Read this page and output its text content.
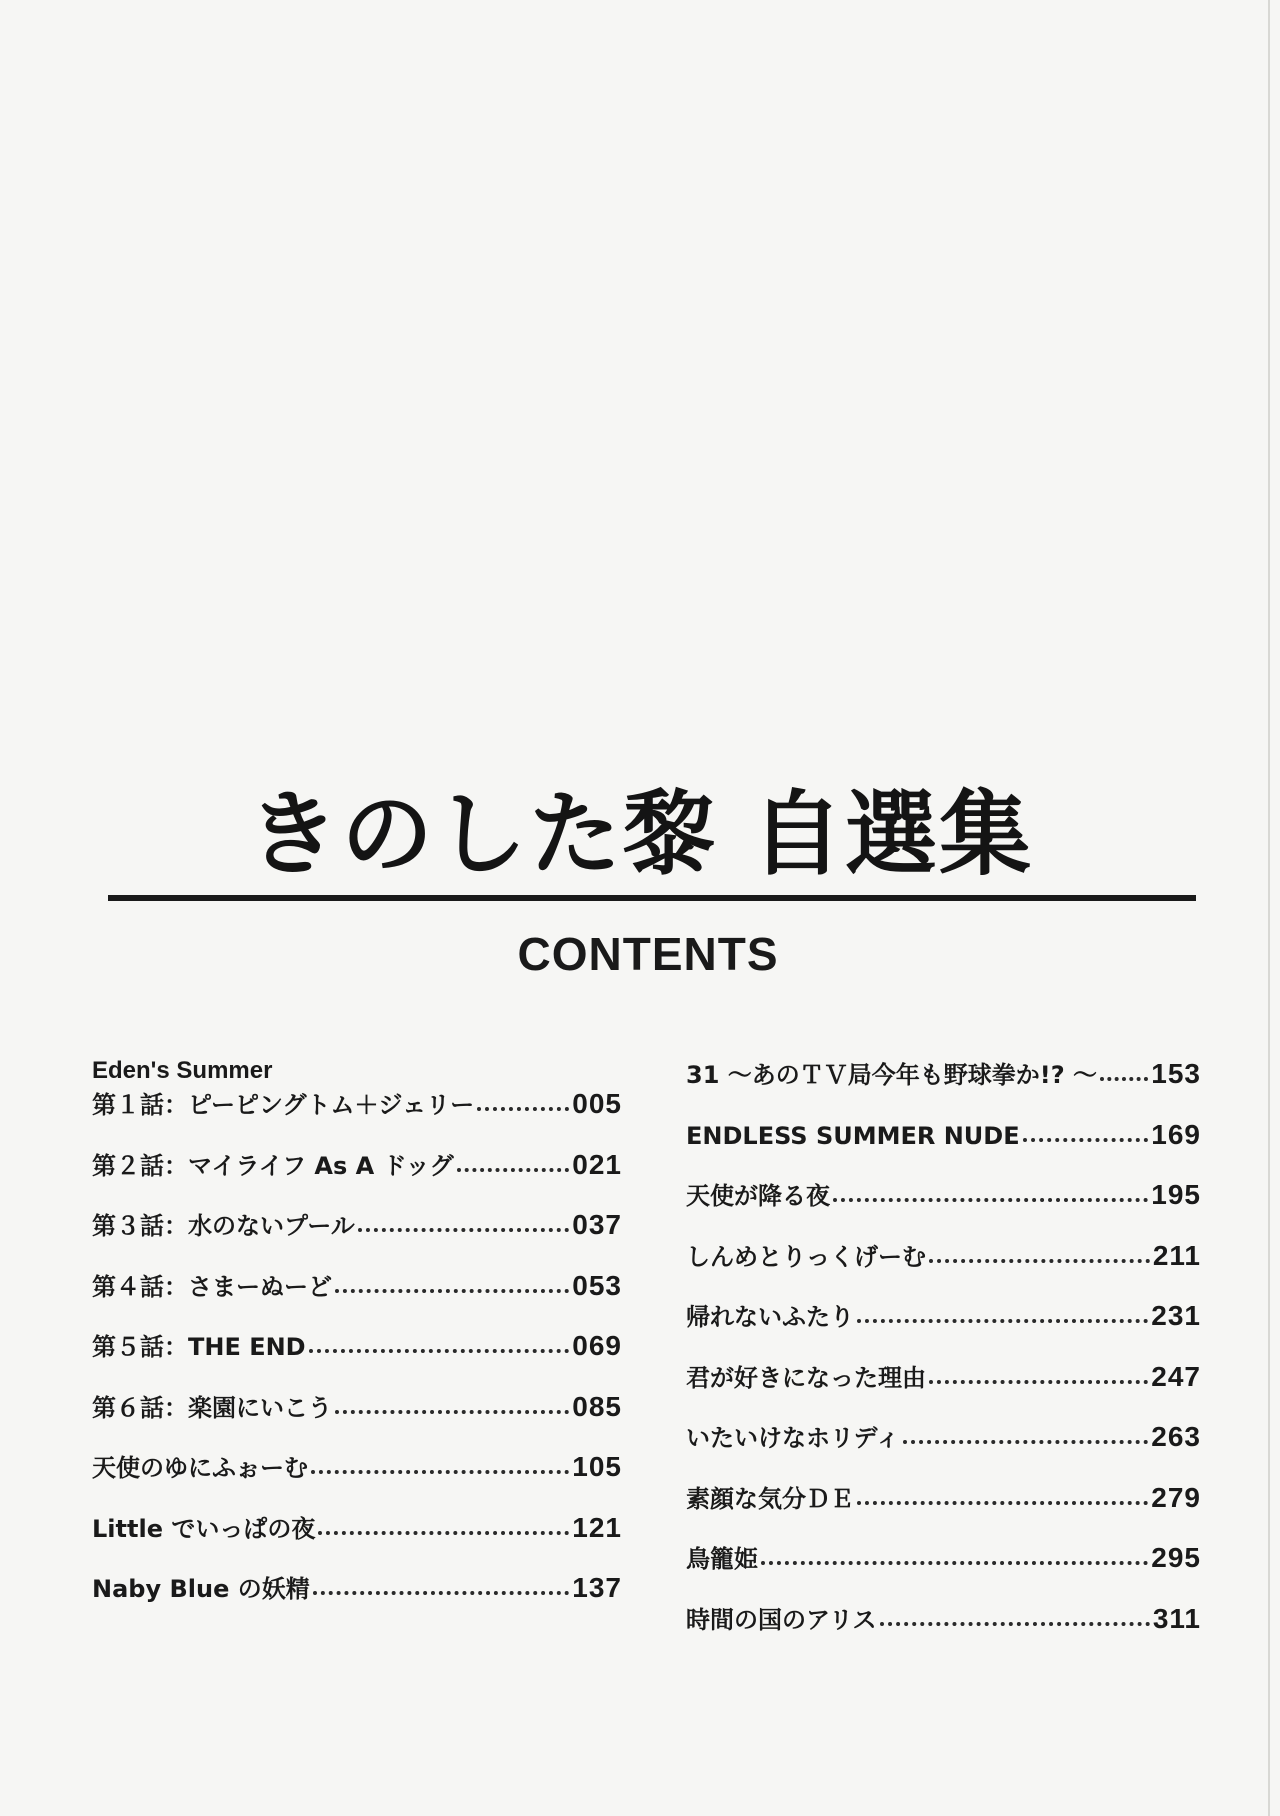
きのした黎 自選集
CONTENTS
Eden's Summer
第１話：ピーピングトム＋ジェリー	005
第２話：マイライフ As A ドッグ	021
第３話：水のないプール	037
第４話：さまーぬーど	053
第５話：THE END	069
第６話：楽園にいこう	085
天使のゆにふぉーむ	105
Little でいっぱの夜	121
Naby Blue の妖精	137
31 ～あのＴＶ局今年も野球拳か!? ～ 153
ENDLESS SUMMER NUDE	169
天使が降る夜	195
しんめとりっくげーむ	211
帰れないふたり	231
君が好きになった理由	247
いたいけなホリディ	263
素顔な気分ＤＥ	279
鳥籠姫	295
時間の国のアリス	311
